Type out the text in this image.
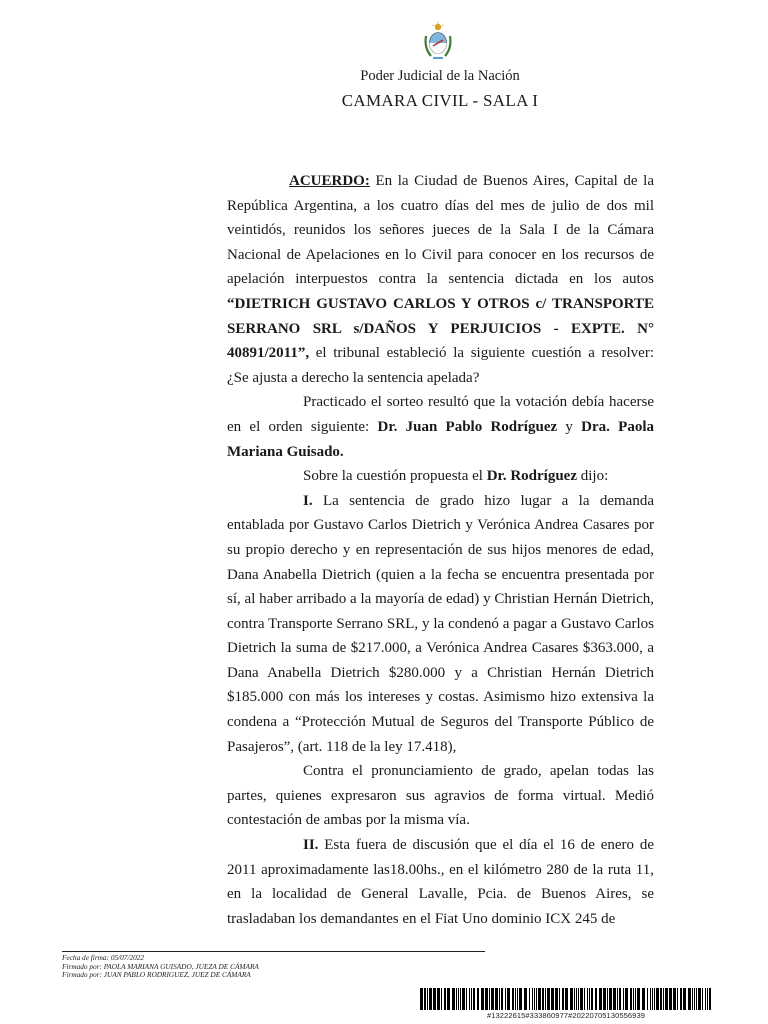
Poder Judicial de la Nación
CAMARA CIVIL - SALA I

ACUERDO: En la Ciudad de Buenos Aires, Capital de la República Argentina, a los cuatro días del mes de julio de dos mil veintidós, reunidos los señores jueces de la Sala I de la Cámara Nacional de Apelaciones en lo Civil para conocer en los recursos de apelación interpuestos contra la sentencia dictada en los autos “DIETRICH GUSTAVO CARLOS Y OTROS c/ TRANSPORTE SERRANO SRL s/DAÑOS Y PERJUICIOS - EXPTE. N° 40891/2011”, el tribunal estableció la siguiente cuestión a resolver: ¿Se ajusta a derecho la sentencia apelada?

Practicado el sorteo resultó que la votación debía hacerse en el orden siguiente: Dr. Juan Pablo Rodríguez y Dra. Paola Mariana Guisado.

Sobre la cuestión propuesta el Dr. Rodríguez dijo:

I. La sentencia de grado hizo lugar a la demanda entablada por Gustavo Carlos Dietrich y Verónica Andrea Casares por su propio derecho y en representación de sus hijos menores de edad, Dana Anabella Dietrich (quien a la fecha se encuentra presentada por sí, al haber arribado a la mayoría de edad) y Christian Hernán Dietrich, contra Transporte Serrano SRL, y la condenó a pagar a Gustavo Carlos Dietrich la suma de $217.000, a Verónica Andrea Casares $363.000, a Dana Anabella Dietrich $280.000 y a Christian Hernán Dietrich $185.000 con más los intereses y costas. Asimismo hizo extensiva la condena a “Protección Mutual de Seguros del Transporte Público de Pasajeros”, (art. 118 de la ley 17.418),

Contra el pronunciamiento de grado, apelan todas las partes, quienes expresaron sus agravios de forma virtual. Medió contestación de ambas por la misma vía.

II. Esta fuera de discusión que el día el 16 de enero de 2011 aproximadamente las18.00hs., en el kilómetro 280 de la ruta 11, en la localidad de General Lavalle, Pcia. de Buenos Aires, se trasladaban los demandantes en el Fiat Uno dominio ICX 245 de

Fecha de firma: 05/07/2022
Firmado por: PAOLA MARIANA GUISADO, JUEZA DE CÁMARA
Firmado por: JUAN PABLO RODRIGUEZ, JUEZ DE CÁMARA
#13222615#333860977#20220705130556939
